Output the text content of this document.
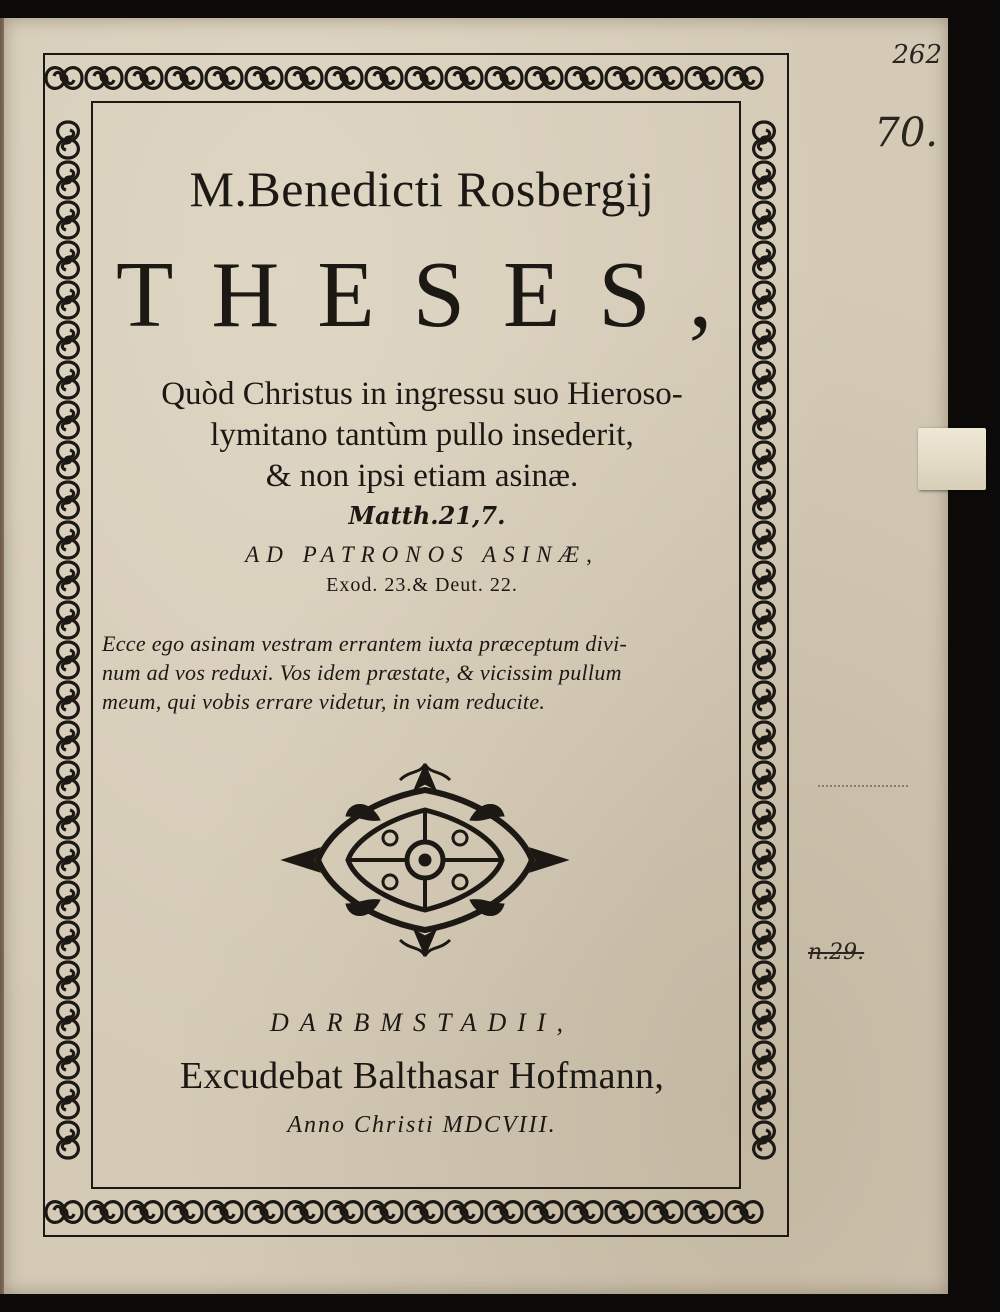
262
70.
n.29.
M.Benedicti Rosbergij
THESES,
Quòd Christus in ingressu suo Hieroso-
lymitano tantùm pullo insederit,
& non ipsi etiam asinæ.
Matth.21,7.
AD PATRONOS ASINÆ,
Exod. 23.& Deut. 22.
Ecce ego asinam vestram errantem iuxta præceptum divi-
num ad vos reduxi. Vos idem præstate, & vicissim pullum
meum, qui vobis errare videtur, in viam reducite.
DARBMSTADII,
Excudebat Balthasar Hofmann,
Anno Christi MDCVIII.
